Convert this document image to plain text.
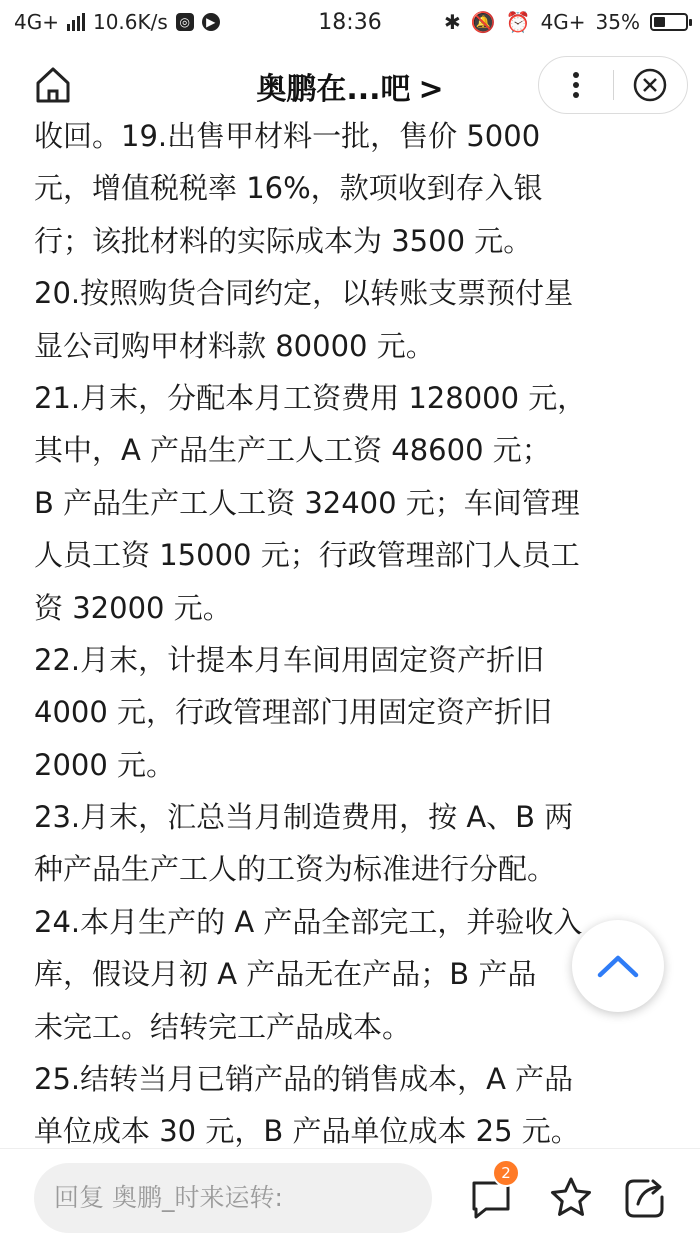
4G+ 10.6K/s ◎	▶	18:36	✱ 🔕 ⏰ 4G+ 35%
奥鹏在...吧 >
收回。19.出售甲材料一批，售价 5000
元，增值税税率 16%，款项收到存入银
行；该批材料的实际成本为 3500 元。
20.按照购货合同约定，以转账支票预付星
显公司购甲材料款 80000 元。
21.月末，分配本月工资费用 128000 元，
其中，A 产品生产工人工资 48600 元；
B 产品生产工人工资 32400 元；车间管理
人员工资 15000 元；行政管理部门人员工
资 32000 元。
22.月末，计提本月车间用固定资产折旧
4000 元，行政管理部门用固定资产折旧
2000 元。
23.月末，汇总当月制造费用，按 A、B 两
种产品生产工人的工资为标准进行分配。
24.本月生产的 A 产品全部完工，并验收入
库，假设月初 A 产品无在产品；B 产品
未完工。结转完工产品成本。
25.结转当月已销产品的销售成本，A 产品
单位成本 30 元，B 产品单位成本 25 元。
回复 奥鹏_时来运转:
2
